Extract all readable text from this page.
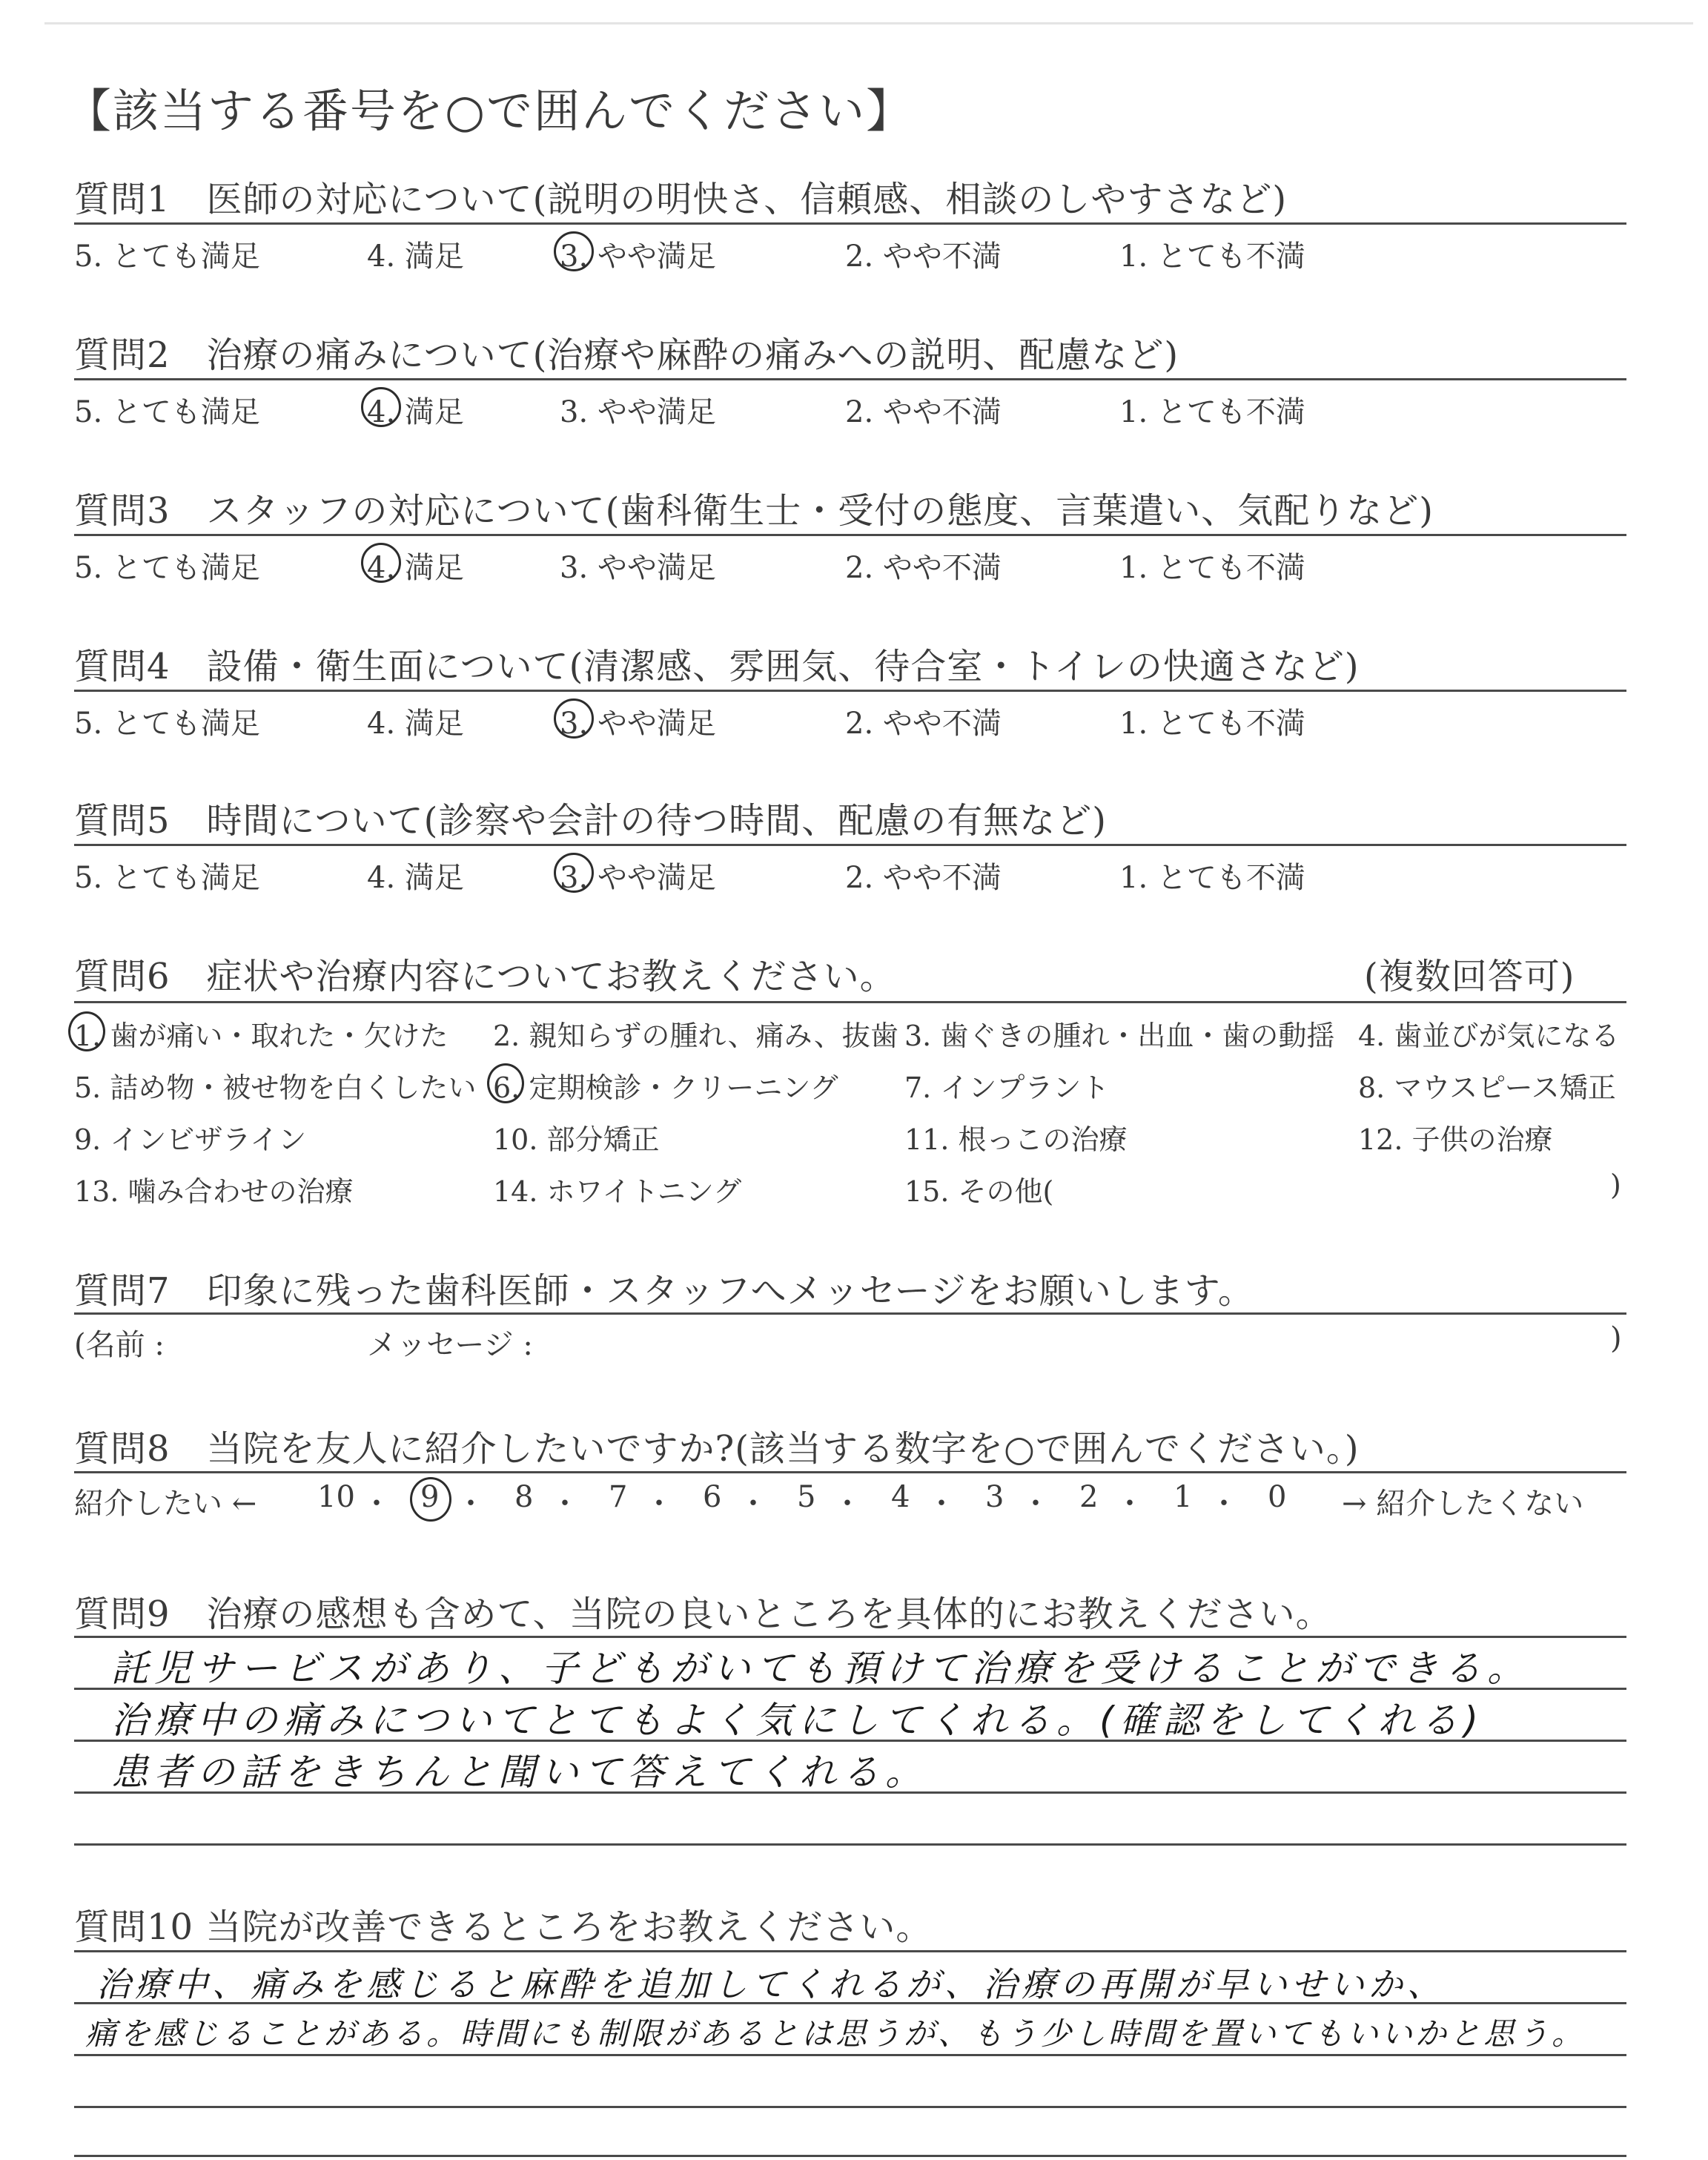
【該当する番号を○で囲んでください】
質問1　医師の対応について(説明の明快さ、信頼感、相談のしやすさなど)
5. とても満足	4. 満足	3. やや満足	2. やや不満	1. とても不満
質問2　治療の痛みについて(治療や麻酔の痛みへの説明、配慮など)
5. とても満足	4. 満足	3. やや満足	2. やや不満	1. とても不満
質問3　スタッフの対応について(歯科衛生士・受付の態度、言葉遣い、気配りなど)
5. とても満足	4. 満足	3. やや満足	2. やや不満	1. とても不満
質問4　設備・衛生面について(清潔感、雰囲気、待合室・トイレの快適さなど)
5. とても満足	4. 満足	3. やや満足	2. やや不満	1. とても不満
質問5　時間について(診察や会計の待つ時間、配慮の有無など)
5. とても満足	4. 満足	3. やや満足	2. やや不満	1. とても不満
質問6　症状や治療内容についてお教えください。	(複数回答可)
1. 歯が痛い・取れた・欠けた 2. 親知らずの腫れ、痛み、抜歯 3. 歯ぐきの腫れ・出血・歯の動揺 4. 歯並びが気になる
5. 詰め物・被せ物を白くしたい 6. 定期検診・クリーニング 7. インプラント	8. マウスピース矯正
9. インビザライン	10. 部分矯正	11. 根っこの治療	12. 子供の治療
13. 噛み合わせの治療	14. ホワイトニング	15. その他(	)
質問7　印象に残った歯科医師・スタッフへメッセージをお願いします。
(名前 :	メッセージ :	)
質問8　当院を友人に紹介したいですか?(該当する数字を○で囲んでください。)
紹介したい ←	→ 紹介したくない
10 ・ 9 ・ 8 ・ 7 ・ 6 ・ 5 ・ 4 ・ 3 ・ 2 ・ 1 ・ 0
質問9　治療の感想も含めて、当院の良いところを具体的にお教えください。
託児サービスがあり、子どもがいても預けて治療を受けることができる。
治療中の痛みについてとてもよく気にしてくれる。(確認をしてくれる)
患者の話をきちんと聞いて答えてくれる。
質問10 当院が改善できるところをお教えください。
治療中、痛みを感じると麻酔を追加してくれるが、治療の再開が早いせいか、
痛を感じることがある。時間にも制限があるとは思うが、もう少し時間を置いてもいいかと思う。
